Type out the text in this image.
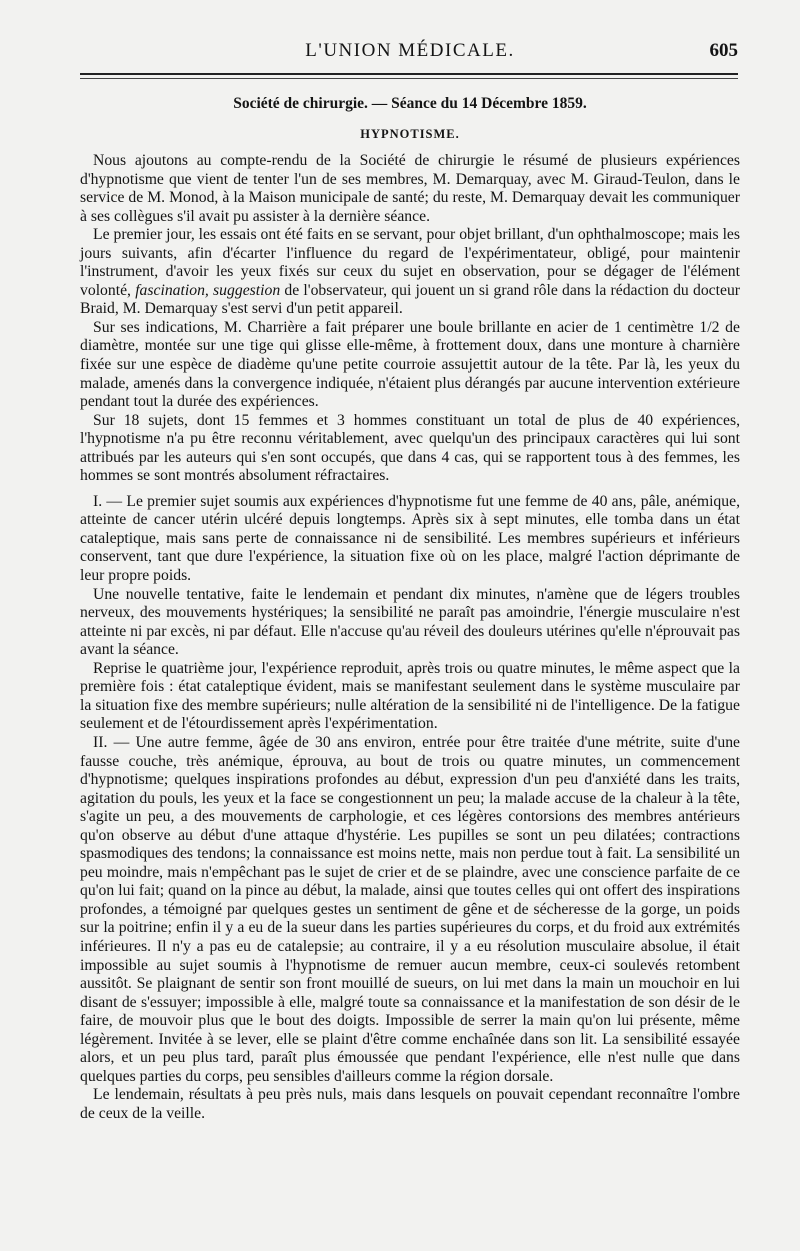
L'UNION MÉDICALE.	605
Société de chirurgie. — Séance du 14 Décembre 1859.
HYPNOTISME.

Nous ajoutons au compte-rendu de la Société de chirurgie le résumé de plusieurs expériences d'hypnotisme que vient de tenter l'un de ses membres, M. Demarquay, avec M. Giraud-Teulon, dans le service de M. Monod, à la Maison municipale de santé; du reste, M. Demarquay devait les communiquer à ses collègues s'il avait pu assister à la dernière séance.

Le premier jour, les essais ont été faits en se servant, pour objet brillant, d'un ophthalmoscope; mais les jours suivants, afin d'écarter l'influence du regard de l'expérimentateur, obligé, pour maintenir l'instrument, d'avoir les yeux fixés sur ceux du sujet en observation, pour se dégager de l'élément volonté, fascination, suggestion de l'observateur, qui jouent un si grand rôle dans la rédaction du docteur Braid, M. Demarquay s'est servi d'un petit appareil.

Sur ses indications, M. Charrière a fait préparer une boule brillante en acier de 1 centimètre 1/2 de diamètre, montée sur une tige qui glisse elle-même, à frottement doux, dans une monture à charnière fixée sur une espèce de diadème qu'une petite courroie assujettit autour de la tête. Par là, les yeux du malade, amenés dans la convergence indiquée, n'étaient plus dérangés par aucune intervention extérieure pendant tout la durée des expériences.

Sur 18 sujets, dont 15 femmes et 3 hommes constituant un total de plus de 40 expériences, l'hypnotisme n'a pu être reconnu véritablement, avec quelqu'un des principaux caractères qui lui sont attribués par les auteurs qui s'en sont occupés, que dans 4 cas, qui se rapportent tous à des femmes, les hommes se sont montrés absolument réfractaires.

I. — Le premier sujet soumis aux expériences d'hypnotisme fut une femme de 40 ans, pâle, anémique, atteinte de cancer utérin ulcéré depuis longtemps. Après six à sept minutes, elle tomba dans un état cataleptique, mais sans perte de connaissance ni de sensibilité. Les membres supérieurs et inférieurs conservent, tant que dure l'expérience, la situation fixe où on les place, malgré l'action déprimante de leur propre poids.

Une nouvelle tentative, faite le lendemain et pendant dix minutes, n'amène que de légers troubles nerveux, des mouvements hystériques; la sensibilité ne paraît pas amoindrie, l'énergie musculaire n'est atteinte ni par excès, ni par défaut. Elle n'accuse qu'au réveil des douleurs utérines qu'elle n'éprouvait pas avant la séance.

Reprise le quatrième jour, l'expérience reproduit, après trois ou quatre minutes, le même aspect que la première fois : état cataleptique évident, mais se manifestant seulement dans le système musculaire par la situation fixe des membre supérieurs; nulle altération de la sensibilité ni de l'intelligence. De la fatigue seulement et de l'étourdissement après l'expérimentation.

II. — Une autre femme, âgée de 30 ans environ, entrée pour être traitée d'une métrite, suite d'une fausse couche, très anémique, éprouva, au bout de trois ou quatre minutes, un commencement d'hypnotisme; quelques inspirations profondes au début, expression d'un peu d'anxiété dans les traits, agitation du pouls, les yeux et la face se congestionnent un peu; la malade accuse de la chaleur à la tête, s'agite un peu, a des mouvements de carphologie, et ces légères contorsions des membres antérieurs qu'on observe au début d'une attaque d'hystérie. Les pupilles se sont un peu dilatées; contractions spasmodiques des tendons; la connaissance est moins nette, mais non perdue tout à fait. La sensibilité un peu moindre, mais n'empêchant pas le sujet de crier et de se plaindre, avec une conscience parfaite de ce qu'on lui fait; quand on la pince au début, la malade, ainsi que toutes celles qui ont offert des inspirations profondes, a témoigné par quelques gestes un sentiment de gêne et de sécheresse de la gorge, un poids sur la poitrine; enfin il y a eu de la sueur dans les parties supérieures du corps, et du froid aux extrémités inférieures. Il n'y a pas eu de catalepsie; au contraire, il y a eu résolution musculaire absolue, il était impossible au sujet soumis à l'hypnotisme de remuer aucun membre, ceux-ci soulevés retombent aussitôt. Se plaignant de sentir son front mouillé de sueurs, on lui met dans la main un mouchoir en lui disant de s'essuyer; impossible à elle, malgré toute sa connaissance et la manifestation de son désir de le faire, de mouvoir plus que le bout des doigts. Impossible de serrer la main qu'on lui présente, même légèrement. Invitée à se lever, elle se plaint d'être comme enchaînée dans son lit. La sensibilité essayée alors, et un peu plus tard, paraît plus émoussée que pendant l'expérience, elle n'est nulle que dans quelques parties du corps, peu sensibles d'ailleurs comme la région dorsale.

Le lendemain, résultats à peu près nuls, mais dans lesquels on pouvait cependant reconnaître l'ombre de ceux de la veille.
